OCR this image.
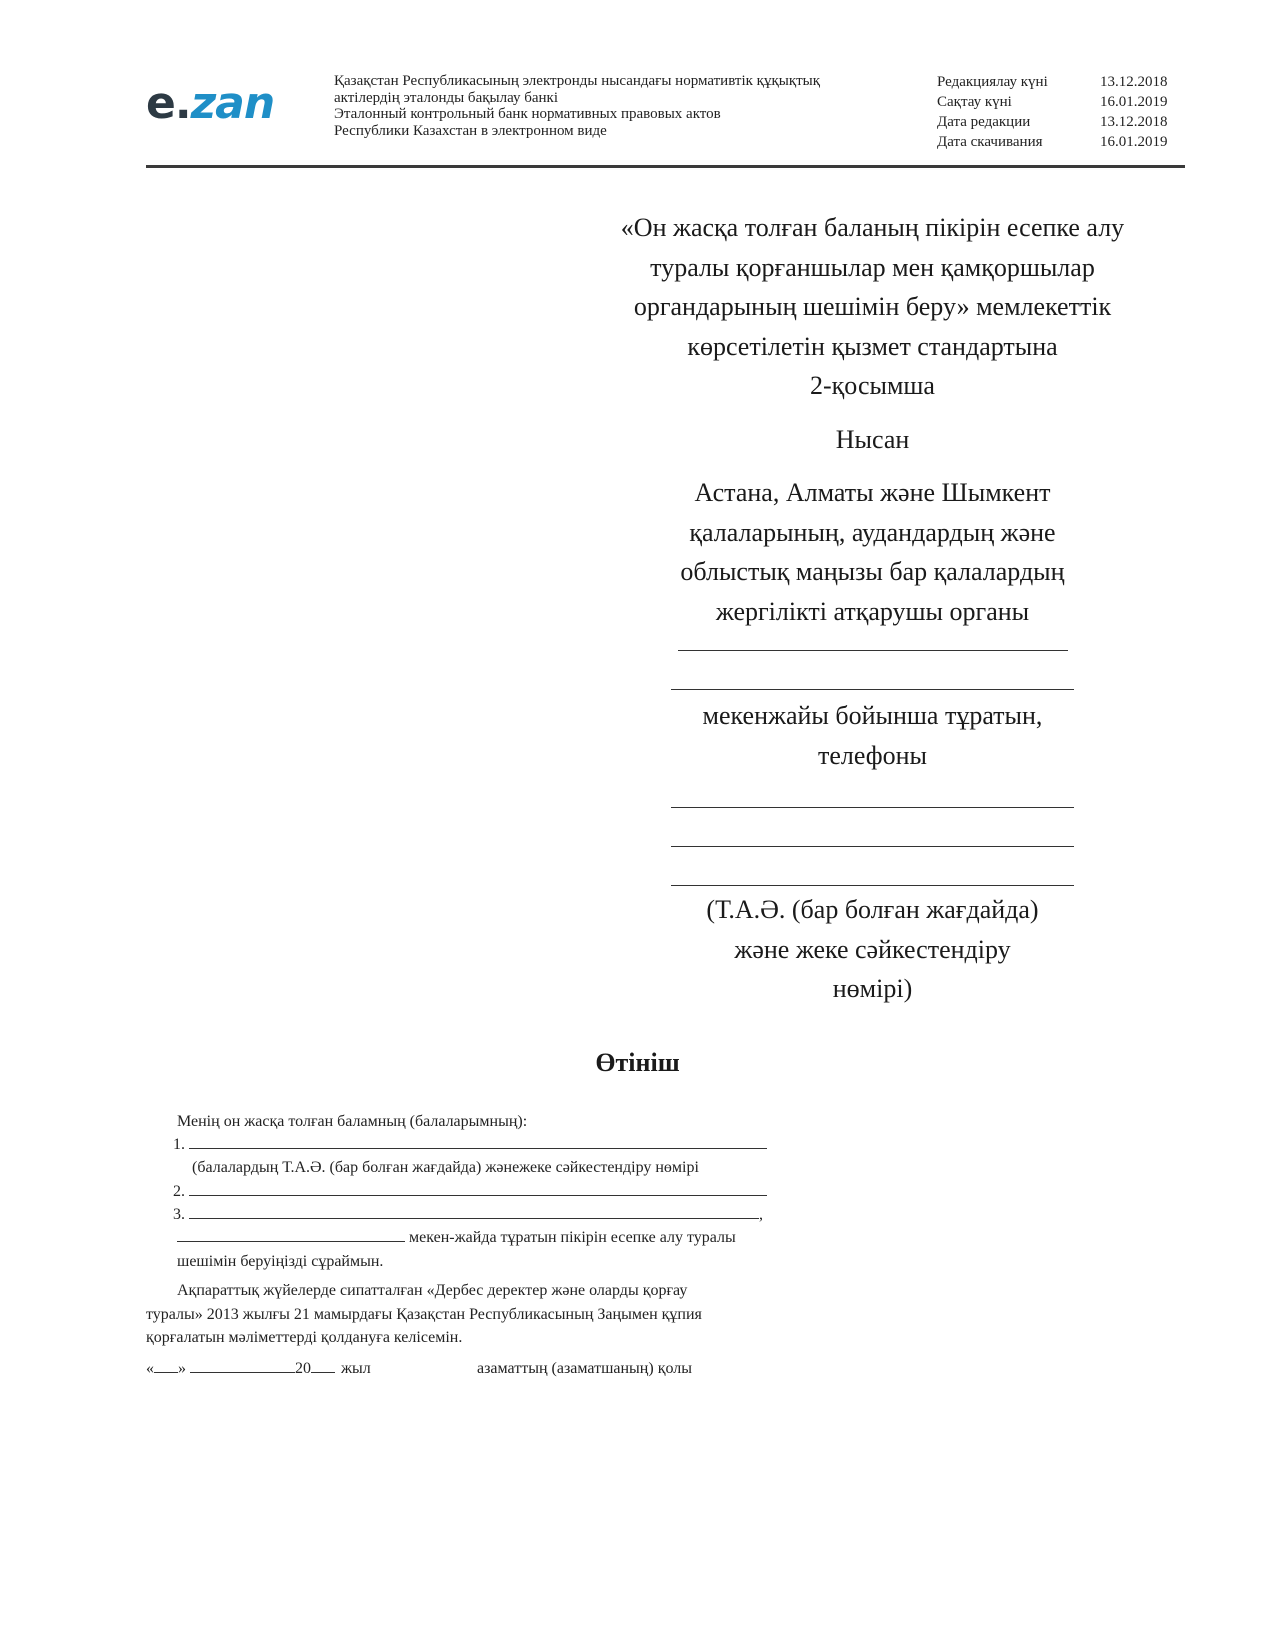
e.zan	Қазақстан Республикасының электронды нысандағы нормативтік құқықтық
актілердің эталонды бақылау банкі
Эталонный контрольный банк нормативных правовых актов
Республики Казахстан в электронном виде
Редакциялау күні	13.12.2018
Сақтау күні	16.01.2019
Дата редакции	13.12.2018
Дата скачивания	16.01.2019

«Он жасқа толған баланың пікірін есепке алу

туралы қорғаншылар мен қамқоршылар

органдарының шешімін беру» мемлекеттік

көрсетілетін қызмет стандартына

2-қосымша

Нысан

Астана, Алматы және Шымкент

қалаларының, аудандардың және

облыстық маңызы бар қалалардың

жергілікті атқарушы органы

мекенжайы бойынша тұратын,

телефоны

(Т.А.Ә. (бар болған жағдайда)

және жеке сәйкестендіру

нөмірі)

Өтініш
Менің он жасқа толған баламның (балаларымның):
1.
(балалардың Т.А.Ә. (бар болған жағдайда) жәнежеке сәйкестендіру нөмірі
2.
3.	,
мекен-жайда тұратын пікірін есепке алу туралы
шешімін беруіңізді сұраймын.
Ақпараттық жүйелерде сипатталған «Дербес деректер және оларды қорғау
туралы» 2013 жылғы 21 мамырдағы Қазақстан Республикасының Заңымен құпия
қорғалатын мәліметтерді қолдануға келісемін.
« »	20 жыл	азаматтың (азаматшаның) қолы
